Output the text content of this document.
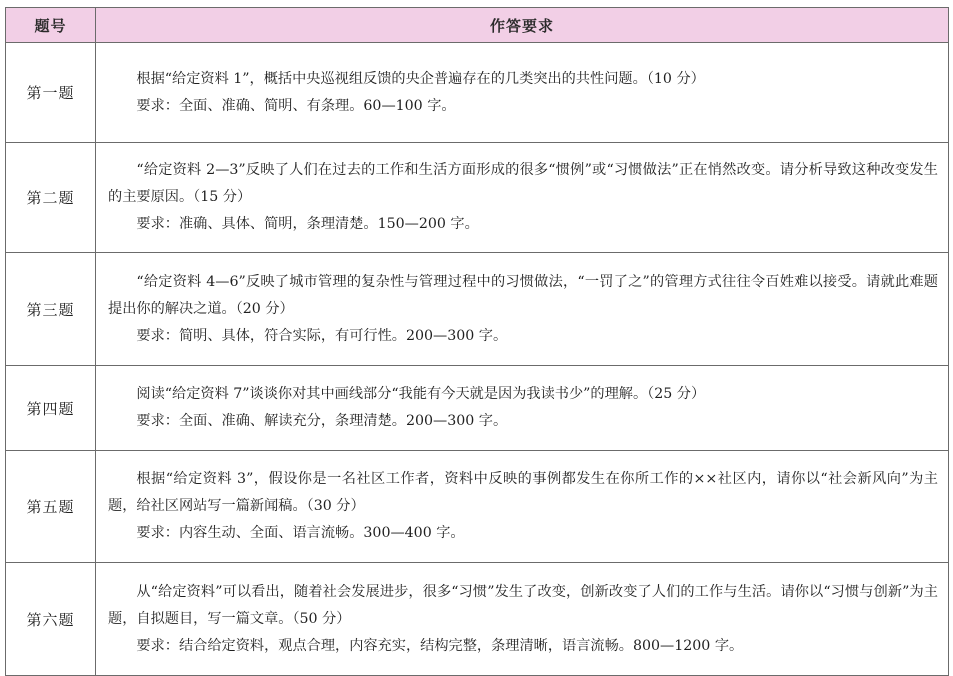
题号	作答要求
第一题	根据“给定资料 1”，概括中央巡视组反馈的央企普遍存在的几类突出的共性问题。（10 分）

要求：全面、准确、简明、有条理。60—100 字。

第二题	“给定资料 2—3”反映了人们在过去的工作和生活方面形成的很多“惯例”或“习惯做法”正在悄然改变。请分析导致这种改变发生的主要原因。（15 分）

要求：准确、具体、简明，条理清楚。150—200 字。

第三题	“给定资料 4—6”反映了城市管理的复杂性与管理过程中的习惯做法，“一罚了之”的管理方式往往令百姓难以接受。请就此难题提出你的解决之道。（20 分）

要求：简明、具体，符合实际，有可行性。200—300 字。

第四题	阅读“给定资料 7”谈谈你对其中画线部分“我能有今天就是因为我读书少”的理解。（25 分）

要求：全面、准确、解读充分，条理清楚。200—300 字。

第五题	根据“给定资料 3”，假设你是一名社区工作者，资料中反映的事例都发生在你所工作的××社区内，请你以“社会新风向”为主题，给社区网站写一篇新闻稿。（30 分）

要求：内容生动、全面、语言流畅。300—400 字。

第六题	从“给定资料”可以看出，随着社会发展进步，很多“习惯”发生了改变，创新改变了人们的工作与生活。请你以“习惯与创新”为主题，自拟题目，写一篇文章。（50 分）

要求：结合给定资料，观点合理，内容充实，结构完整，条理清晰，语言流畅。800—1200 字。
